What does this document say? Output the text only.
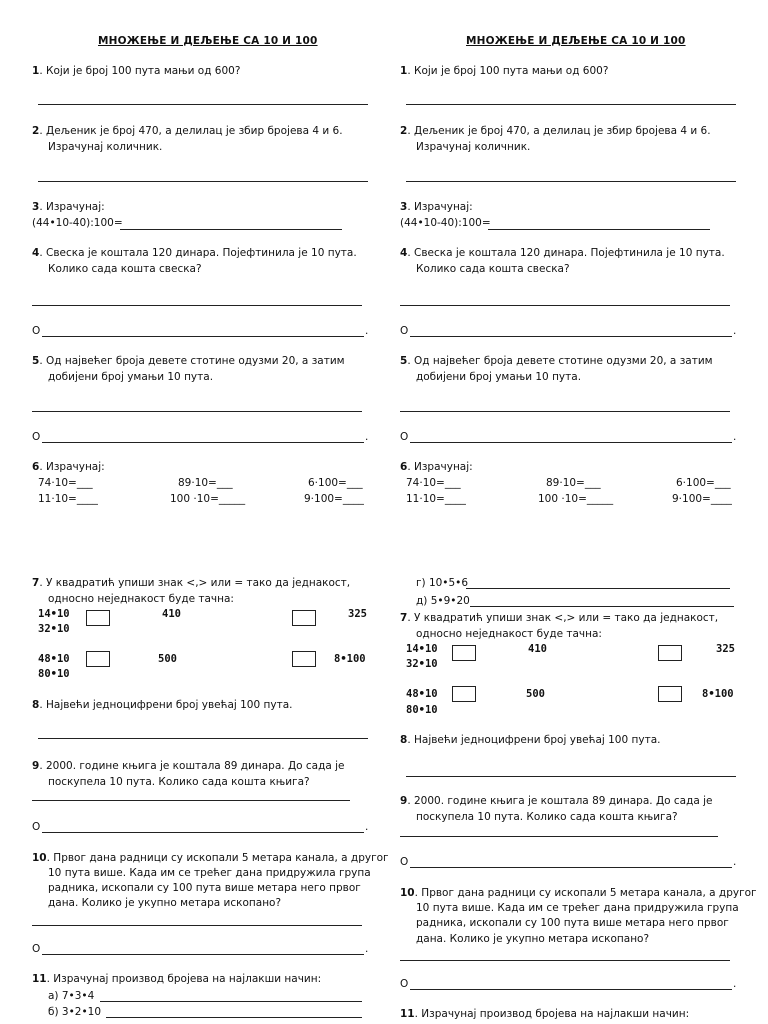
МНОЖЕЊЕ И ДЕЉЕЊЕ СА 10 И 100
1. Који је број 100 пута мањи од 600?
2. Дељеник је број 470, а делилац је збир бројева 4 и 6.
Израчунај количник.
3. Израчунај:
(44•10-40):100=
4. Свеска је коштала 120 динара. Појефтинила је 10 пута.
Колико сада кошта свеска?
О	.
5. Од највећег броја девете стотине одузми 20, а затим
добијени број умањи 10 пута.
О	.
6. Израчунај:
74·10=___	89·10=___	6·100=___
11·10=____	100 ·10=_____	9·100=____
7. У квадратић упиши знак <,> или = тако да једнакост,
односно неједнакост буде тачна:
14•10	410	325
32•10
48•10	500	8•100
80•10
8. Највећи једноцифрени број увећај 100 пута.
9. 2000. године књига је коштала 89 динара. До сада је
поскупела 10 пута. Колико сада кошта књига?
О	.
10. Првог дана радници су ископали 5 метара канала, а другог
10 пута више. Када им се трећег дана придружила група
радника, ископали су 100 пута више метара него првог
дана. Колико је укупно метара ископано?
О	.
11. Израчунај производ бројева на најлакши начин:
а) 7•3•4
б) 3•2•10
МНОЖЕЊЕ И ДЕЉЕЊЕ СА 10 И 100
1. Који је број 100 пута мањи од 600?
2. Дељеник је број 470, а делилац је збир бројева 4 и 6.
Израчунај количник.
3. Израчунај:
(44•10-40):100=
4. Свеска је коштала 120 динара. Појефтинила је 10 пута.
Колико сада кошта свеска?
О	.
5. Од највећег броја девете стотине одузми 20, а затим
добијени број умањи 10 пута.
О	.
6. Израчунај:
74·10=___	89·10=___	6·100=___
11·10=____	100 ·10=_____	9·100=____
г) 10•5•6
д) 5•9•20
7. У квадратић упиши знак <,> или = тако да једнакост,
односно неједнакост буде тачна:
14•10	410	325
32•10
48•10	500	8•100
80•10
8. Највећи једноцифрени број увећај 100 пута.
9. 2000. године књига је коштала 89 динара. До сада је
поскупела 10 пута. Колико сада кошта књига?
О	.
10. Првог дана радници су ископали 5 метара канала, а другог
10 пута више. Када им се трећег дана придружила група
радника, ископали су 100 пута више метара него првог
дана. Колико је укупно метара ископано?
О	.
11. Израчунај производ бројева на најлакши начин:
